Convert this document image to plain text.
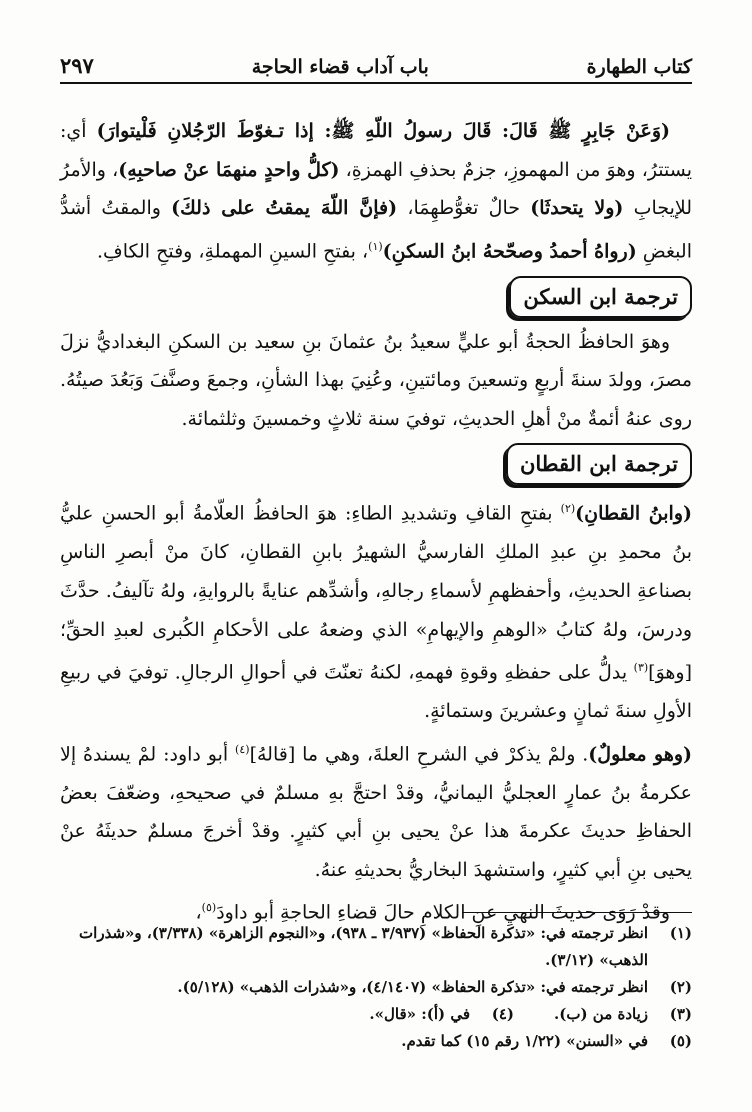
كتاب الطهارة
باب آداب قضاء الحاجة
٢٩٧

(وَعَنْ جَابِرٍ ﷺ قَالَ: قَالَ رسولُ اللّهِ ﷺ: إذا تـغوّطَ الرّجُلانِ فَلْيتوارَ) أي: يستترُ، وهوَ من المهموزِ، جزمٌ بحذفِ الهمزةِ، (كلُّ واحدٍ منهمَا عنْ صاحبِهِ)، والأمرُ للإيجابِ (ولا يتحدثَا) حالٌ تغوُّطهِمَا، (فإنَّ اللّهَ يمقتُ على ذلكَ) والمقتُ أشدُّ البغضِ (رواهُ أحمدُ وصحّحهُ ابنُ السكنِ)$^{(١)}$، بفتحِ السينِ المهملةِ، وفتحِ الكافِ.

ترجمة ابن السكن

وهوَ الحافظُ الحجةُ أبو عليٍّ سعيدُ بنُ عثمانَ بنِ سعيد بن السكنِ البغداديُّ نزلَ مصرَ، وولدَ سنةَ أربعٍ وتسعينَ ومائتينِ، وعُنِيَ بهذا الشأنِ، وجمعَ وصنَّفَ وَبَعُدَ صيتُهُ. روى عنهُ أئمةٌ منْ أهلِ الحديثِ، توفيَ سنة ثلاثٍ وخمسينَ وثلثمائة.

ترجمة ابن القطان

(وابنُ القطانِ)$^{(٢)}$ بفتحِ القافِ وتشديدِ الطاءِ: هوَ الحافظُ العلّامةُ أبو الحسنِ عليُّ بنُ محمدِ بنِ عبدِ الملكِ الفارسيُّ الشهيرُ بابنِ القطانِ، كانَ منْ أبصرِ الناسِ بصناعةِ الحديثِ، وأحفظهمِ لأسماءِ رجالهِ، وأشدِّهم عنايةً بالروايةِ، ولهُ تآليفُ. حدَّثَ ودرسَ، ولهُ كتابُ «الوهمِ والإيهامِ» الذي وضعهُ على الأحكامِ الكُبرى لعبدِ الحقِّ؛ [وهوَ]$^{(٣)}$ يدلُّ على حفظهِ وقوةِ فهمهِ، لكنهُ تعنّتَ في أحوالِ الرجالِ. توفيَ في ربيعِ الأولِ سنةَ ثمانٍ وعشرينَ وستمائةٍ.

(وهو معلولٌ). ولمْ يذكرْ في الشرحِ العلةَ، وهي ما [قالهُ]$^{(٤)}$ أبو داود: لمْ يسندهُ إلا عكرمةُ بنُ عمارٍ العجليُّ اليمانيُّ، وقدْ احتجَّ بهِ مسلمٌ في صحيحهِ، وضعّفَ بعضُ الحفاظِ حديثَ عكرمةَ هذا عنْ يحيى بنِ أبي كثيرٍ. وقدْ أخرجَ مسلمٌ حديثَهُ عنْ يحيى بنِ أبي كثيرٍ، واستشهدَ البخاريُّ بحديثهِ عنهُ.

وقدْ رَوَى حديثَ النهيِ عنِ الكلامِ حالَ قضاءِ الحاجةِ أبو داودَ$^{(٥)}$،

(١)
انظر ترجمته في: «تذكرة الحفاظ» (٣/٩٣٧ ـ ٩٣٨)، و«النجوم الزاهرة» (٣/٣٣٨)، و«شذرات الذهب» (٣/١٢).
(٢)
انظر ترجمته في: «تذكرة الحفاظ» (٤/١٤٠٧)، و«شذرات الذهب» (٥/١٢٨).
(٣)
زيادة من (ب).
(٤)
في (أ): «قال».
(٥)
في «السنن» (١/٢٢ رقم ١٥) كما تقدم.
